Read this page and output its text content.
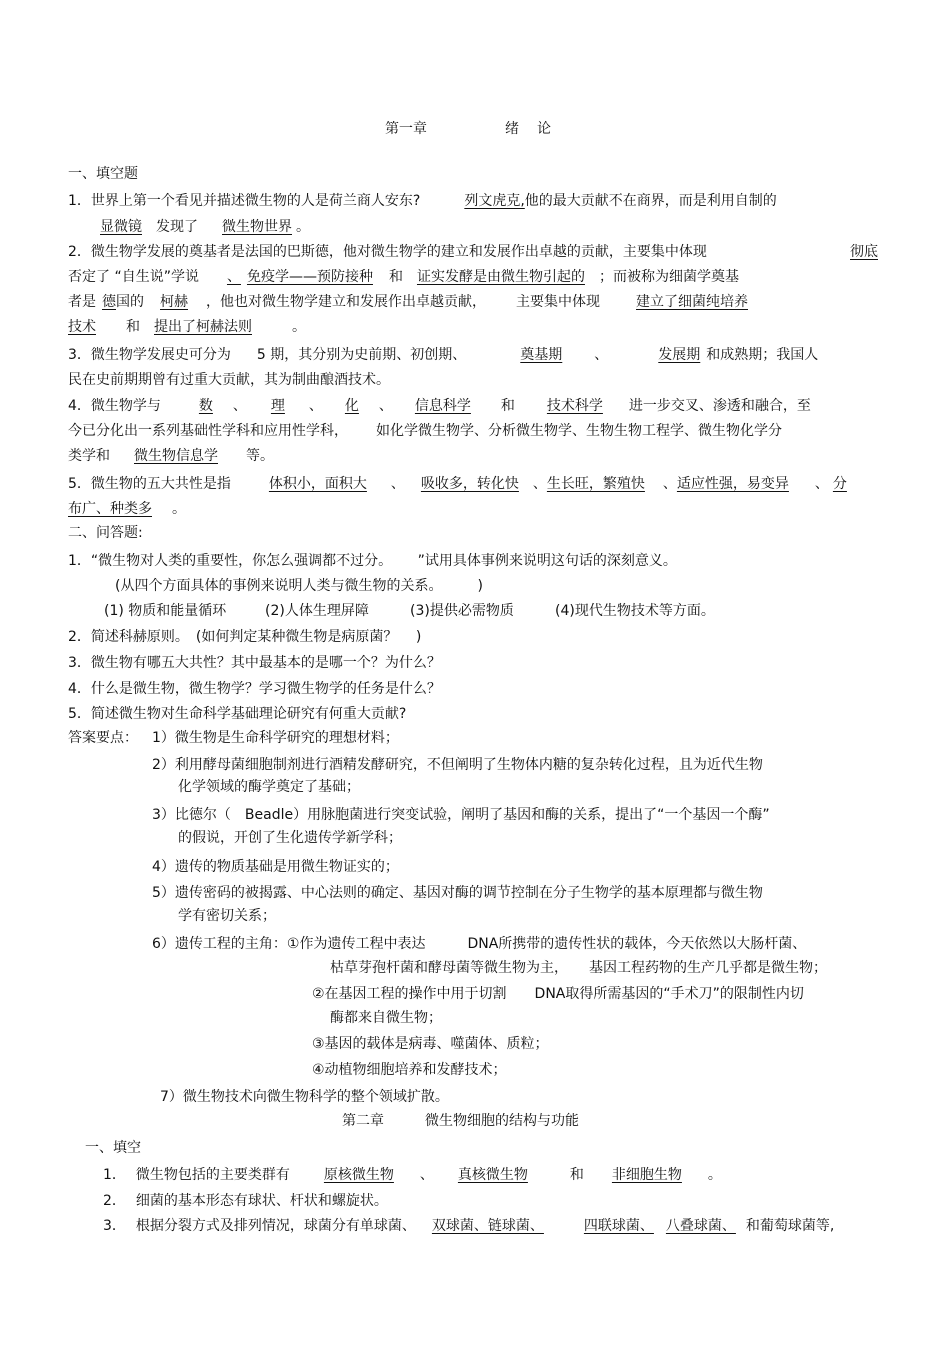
第一章	绪　论
一、填空题
1．世界上第一个看见并描述微生物的人是荷兰商人安东?	列文虎克,他的最大贡献不在商界，而是利用自制的
显微镜 发现了 微生物世界 。
2．微生物学发展的奠基者是法国的巴斯德，他对微生物学的建立和发展作出卓越的贡献，主要集中体现	彻底
否定了 “自生说”学说 、 免疫学——预防接种 和 证实发酵是由微生物引起的 ；而被称为细菌学奠基
者是 德国的 柯赫 ，他也对微生物学建立和发展作出卓越贡献， 主要集中体现	建立了细菌纯培养
技术 和 提出了柯赫法则	。
3．微生物学发展史可分为 5 期，其分别为史前期、初创期、	奠基期 、	发展期 和成熟期；我国人
民在史前期期曾有过重大贡献，其为制曲酿酒技术。
4．微生物学与	数 、 理 、 化 、 信息科学 和 技术科学 进一步交叉、渗透和融合，至
今已分化出一系列基础性学科和应用性学科， 如化学微生物学、分析微生物学、生物生物工程学、微生物化学分
类学和 微生物信息学 等。
5．微生物的五大共性是指	体积小，面积大 、 吸收多，转化快 、生长旺，繁殖快 、适应性强，易变异 、 分
布广、种类多 。
二、问答题:
1．“微生物对人类的重要性，你怎么强调都不过分。　　 ”试用具体事例来说明这句话的深刻意义。
(从四个方面具体的事例来说明人类与微生物的关系。　　　)
(1) 物质和能量循环	(2)人体生理屏障	(3)提供必需物质	(4)现代生物技术等方面。
2．简述科赫原则。　(如何判定某种微生物是病原菌？　 )
3．微生物有哪五大共性？其中最基本的是哪一个？为什么？
4．什么是微生物，微生物学？学习微生物学的任务是什么？
5．简述微生物对生命科学基础理论研究有何重大贡献?
答案要点： 1）微生物是生命科学研究的理想材料；
2）利用酵母菌细胞制剂进行酒精发酵研究，不但阐明了生物体内糖的复杂转化过程，且为近代生物
化学领域的酶学奠定了基础；
3）比德尔（　Beadle）用脉胞菌进行突变试验，阐明了基因和酶的关系，提出了“一个基因一个酶”
的假说，开创了生化遗传学新学科；
4）遗传的物质基础是用微生物证实的；
5）遗传密码的被揭露、中心法则的确定、基因对酶的调节控制在分子生物学的基本原理都与微生物
学有密切关系；
6）遗传工程的主角：①作为遗传工程中表达　　　DNA所携带的遗传性状的载体，今天依然以大肠杆菌、
枯草芽孢杆菌和酵母菌等微生物为主，　　基因工程药物的生产几乎都是微生物；
②在基因工程的操作中用于切割　　DNA取得所需基因的“手术刀”的限制性内切
酶都来自微生物；
③基因的载体是病毒、噬菌体、质粒；
④动植物细胞培养和发酵技术；
7）微生物技术向微生物科学的整个领域扩散。
第二章	微生物细胞的结构与功能
一、填空
1． 微生物包括的主要类群有 原核微生物 、 真核微生物	和 非细胞生物 。
2． 细菌的基本形态有球状、杆状和螺旋状。
3． 根据分裂方式及排列情况，球菌分有单球菌、 双球菌、链球菌、	四联球菌、 八叠球菌、 和葡萄球菌等,
